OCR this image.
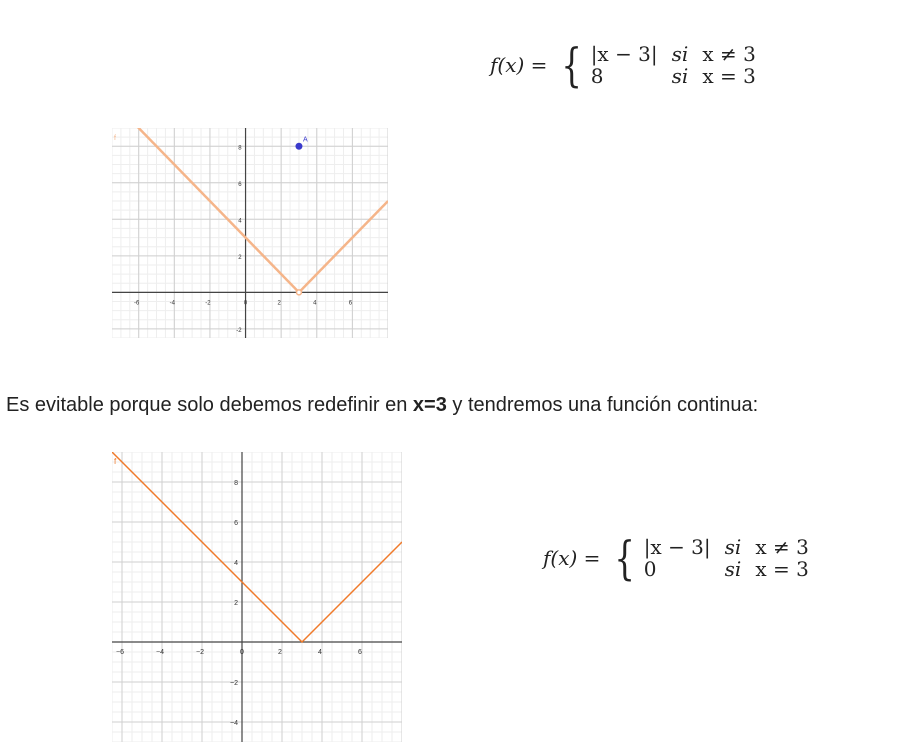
f(x) = { |x − 3| si x ≠ 3
8	si x = 3
-6	-4	-2	0	2	4	6
8
6
4
2
-2
f	A
Es evitable porque solo debemos redefinir en x=3 y tendremos una función continua:
−6	−4	−2	0	2	4	6
8
6
4
2
−2
−4
f
f(x) = { |x − 3| si x ≠ 3
0	si x = 3
